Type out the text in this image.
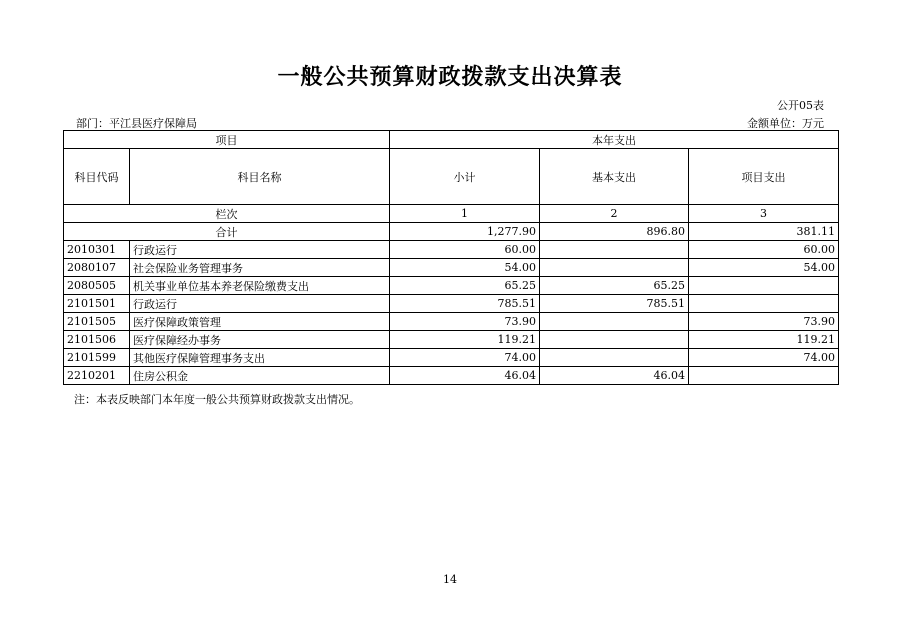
一般公共预算财政拨款支出决算表
公开05表
部门：平江县医疗保障局	金额单位：万元
项目		本年支出		
科目代码	科目名称	小计	基本支出	项目支出
栏次		1	2	3
合计		1,277.90	896.80	381.11
2010301	行政运行	60.00		60.00
2080107	社会保险业务管理事务	54.00		54.00
2080505	机关事业单位基本养老保险缴费支出	65.25	65.25	
2101501	行政运行	785.51	785.51	
2101505	医疗保障政策管理	73.90		73.90
2101506	医疗保障经办事务	119.21		119.21
2101599	其他医疗保障管理事务支出	74.00		74.00
2210201	住房公积金	46.04	46.04	
注：本表反映部门本年度一般公共预算财政拨款支出情况。
14
